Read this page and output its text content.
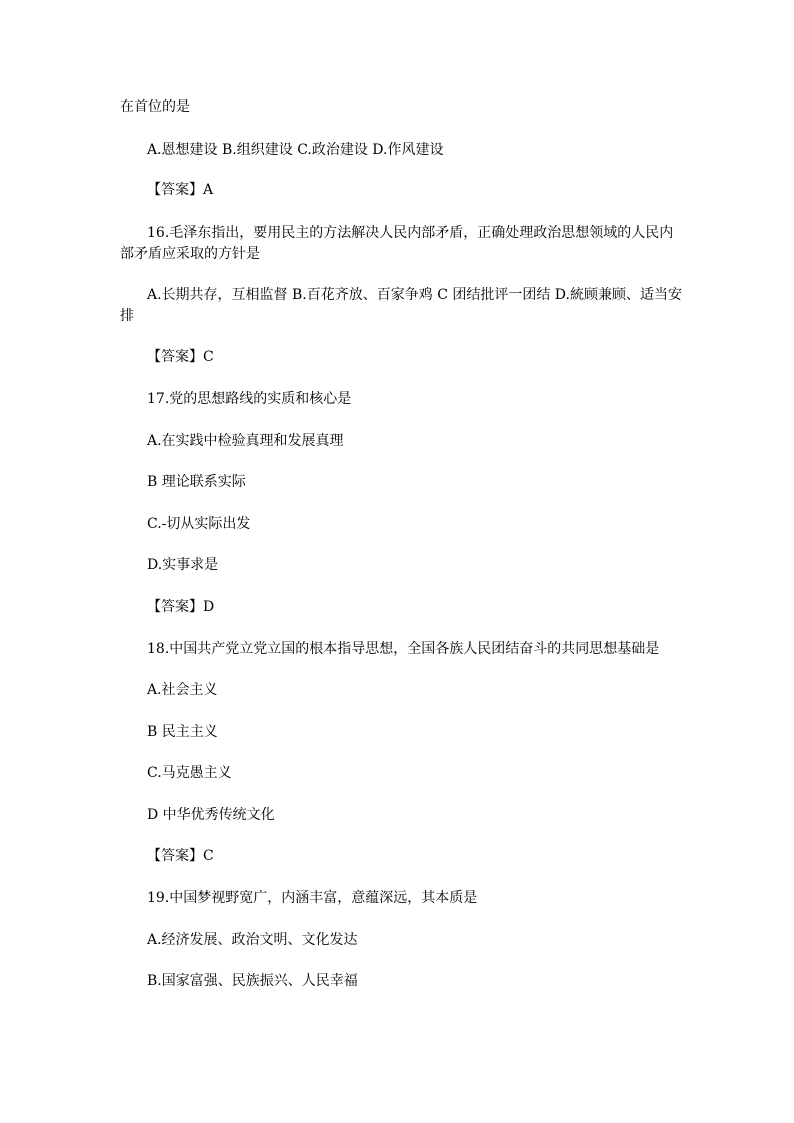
在首位的是
A.恩想建设 B.组织建设 C.政治建设 D.作风建设
【答案】A
16.毛泽东指出，要用民主的方法解决人民内部矛盾，正确处理政治思想领域的人民内
部矛盾应采取的方针是
A.长期共存，互相监督 B.百花齐放、百家争鸡 C 团结批评一团结 D.統顾兼顾、适当安
排
【答案】C
17.党的思想路线的实质和核心是
A.在实践中检验真理和发展真理
B 理论联系实际
C.-切从实际出发
D.实事求是
【答案】D
18.中国共产党立党立国的根本指导思想，全国各族人民团结奋斗的共同思想基础是
A.社会主义
B 民主主义
C.马克愚主义
D 中华优秀传统文化
【答案】C
19.中国梦视野宽广，内涵丰富，意蕴深远，其本质是
A.经济发展、政治文明、文化发达
B.国家富强、民族振兴、人民幸福
